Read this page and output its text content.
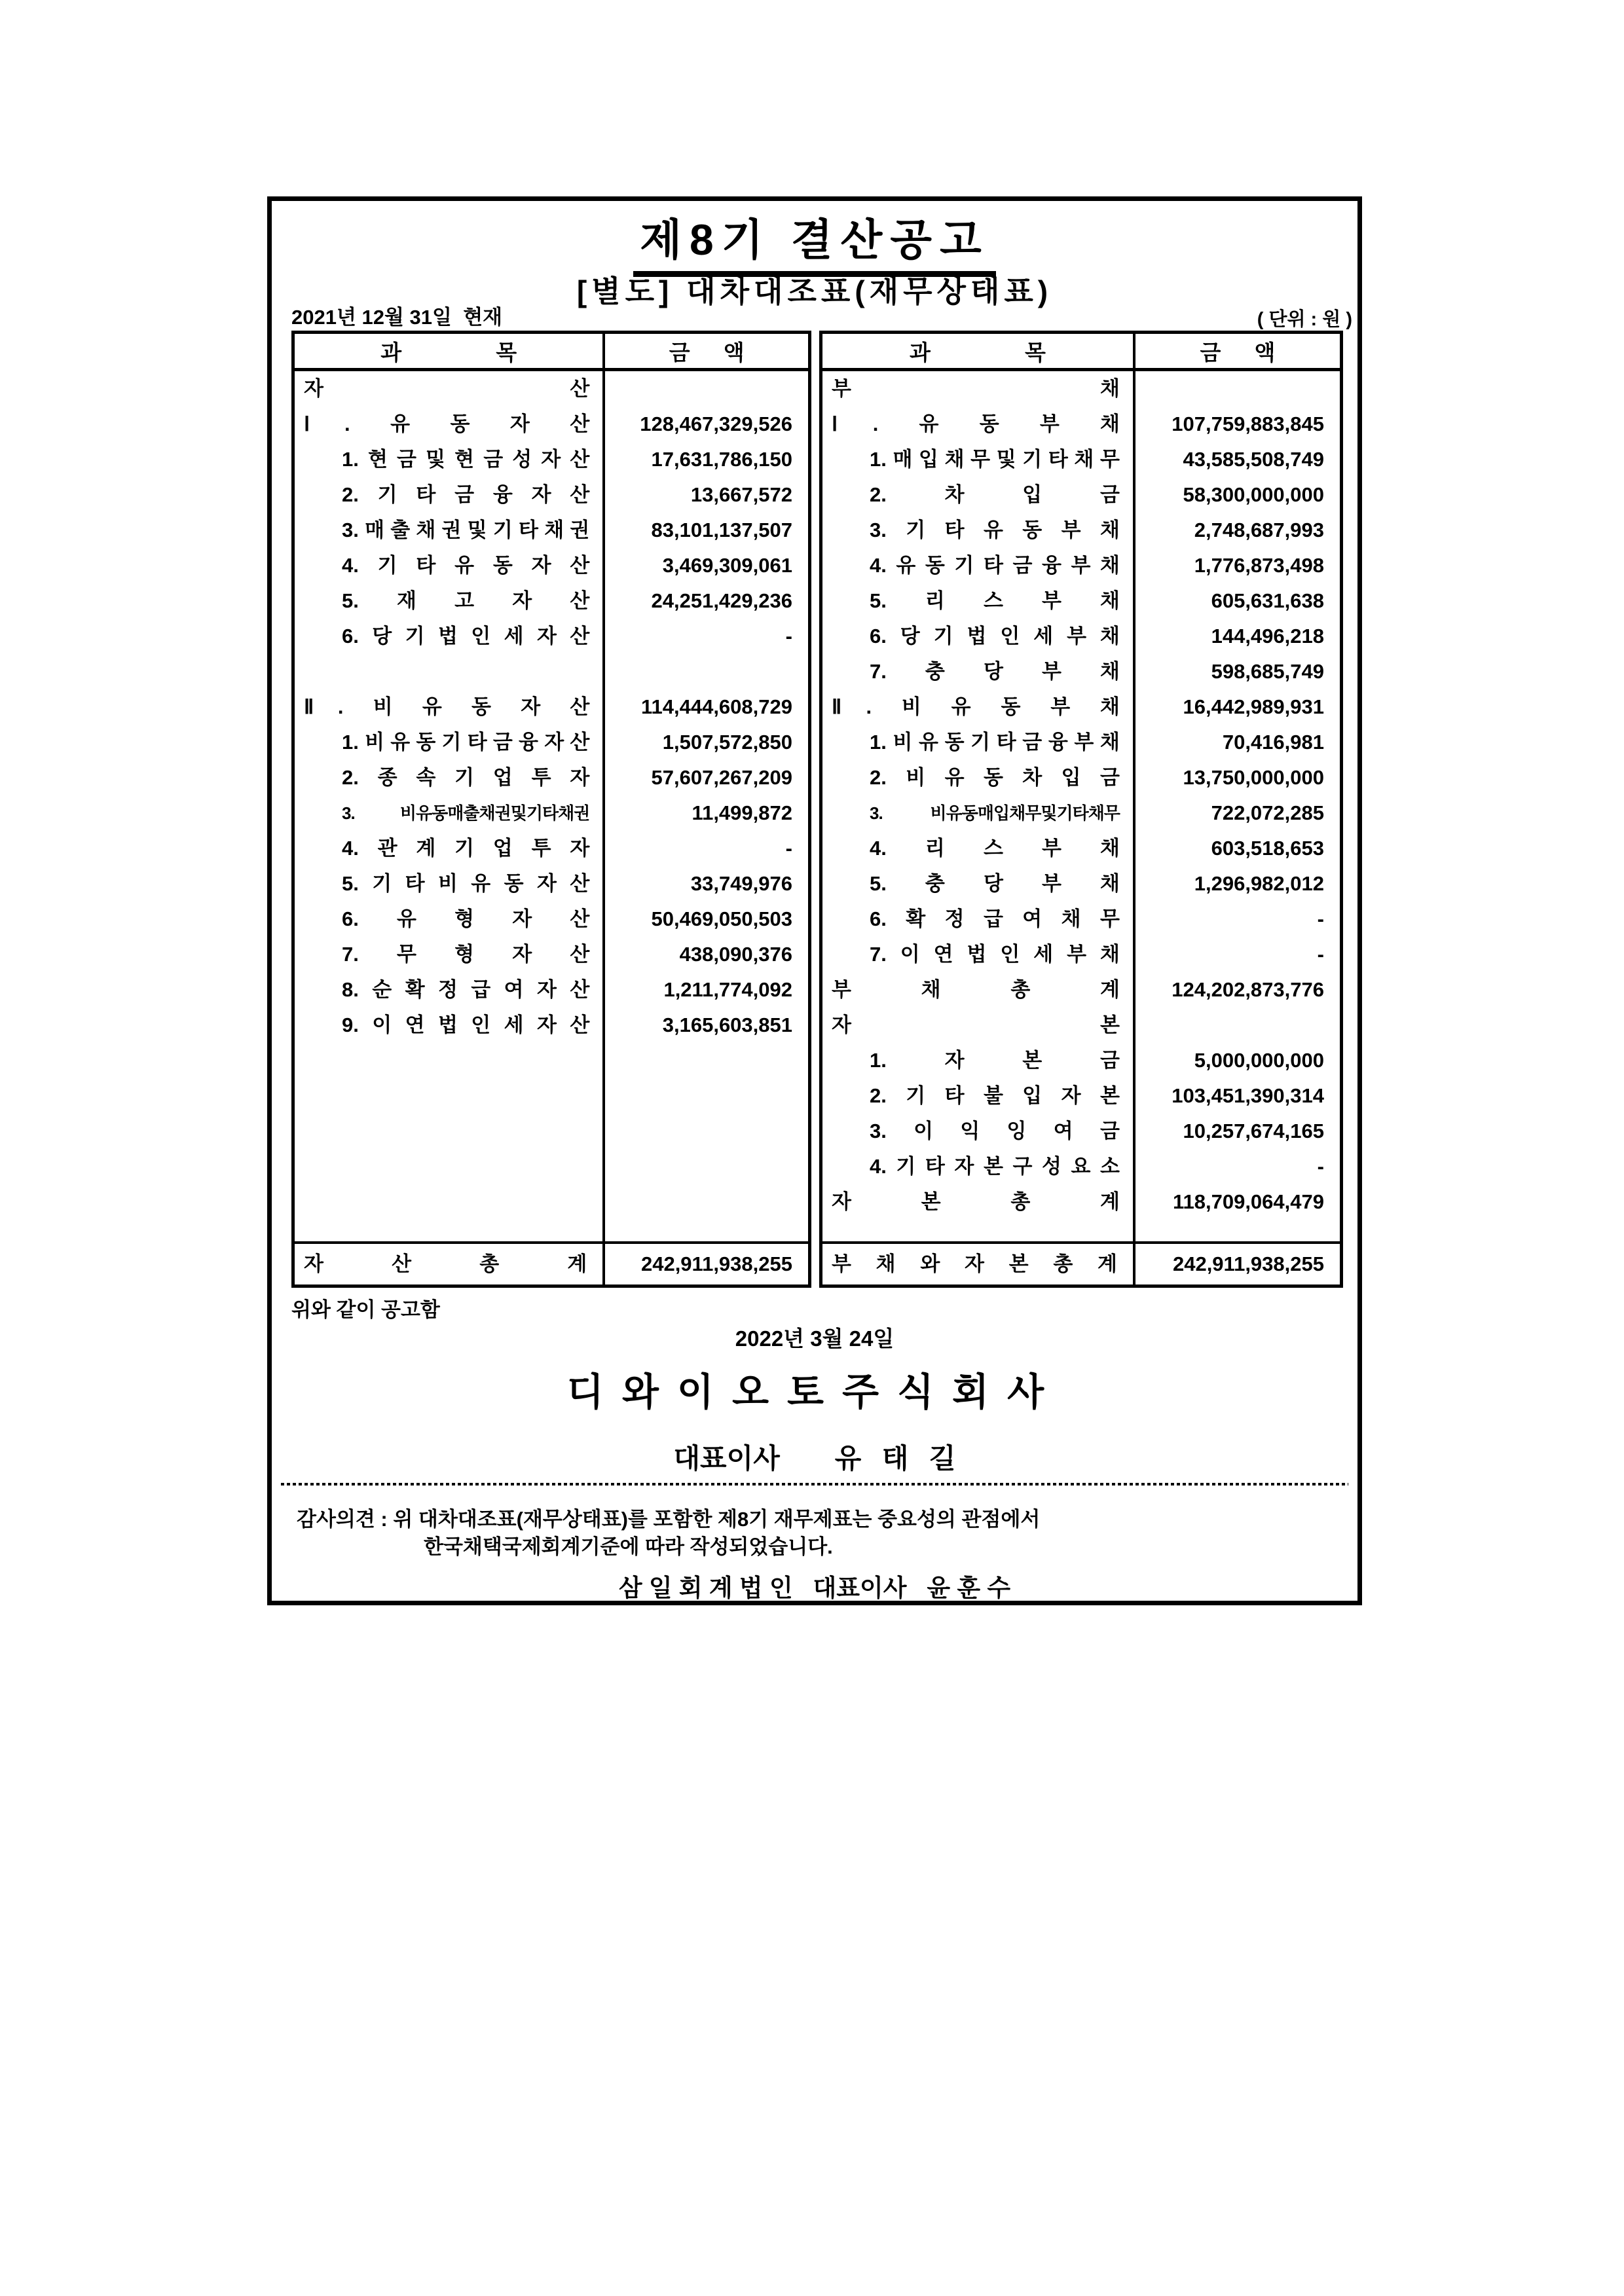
제8기 결산공고
[별도] 대차대조표(재무상태표)
2021년 12월 31일  현재	( 단위 : 원 )
과 목	금 액
자 산
Ⅰ. 유 동 자 산	128,467,329,526
1. 현 금 및 현 금 성 자 산	17,631,786,150
2. 기 타 금 융 자 산	13,667,572
3. 매 출 채 권 및 기 타 채 권	83,101,137,507
4. 기 타 유 동 자 산	3,469,309,061
5. 재 고 자 산	24,251,429,236
6. 당 기 법 인 세 자 산	-
Ⅱ. 비 유 동 자 산	114,444,608,729
1. 비 유 동 기 타 금 융 자 산	1,507,572,850
2. 종 속 기 업 투 자	57,607,267,209
3. 비유동매출채권및기타채권	11,499,872
4. 관 계 기 업 투 자	-
5. 기 타 비 유 동 자 산	33,749,976
6. 유 형 자 산	50,469,050,503
7. 무 형 자 산	438,090,376
8. 순 확 정 급 여 자 산	1,211,774,092
9. 이 연 법 인 세 자 산	3,165,603,851
자 산 총 계	242,911,938,255
과 목	금 액
부 채
Ⅰ. 유 동 부 채	107,759,883,845
1. 매 입 채 무 및 기 타 채 무	43,585,508,749
2. 차 입 금	58,300,000,000
3. 기 타 유 동 부 채	2,748,687,993
4. 유 동 기 타 금 융 부 채	1,776,873,498
5. 리 스 부 채	605,631,638
6. 당 기 법 인 세 부 채	144,496,218
7. 충 당 부 채	598,685,749
Ⅱ. 비 유 동 부 채	16,442,989,931
1. 비 유 동 기 타 금 융 부 채	70,416,981
2. 비 유 동 차 입 금	13,750,000,000
3. 비유동매입채무및기타채무	722,072,285
4. 리 스 부 채	603,518,653
5. 충 당 부 채	1,296,982,012
6. 확 정 급 여 채 무	-
7. 이 연 법 인 세 부 채	-
부 채 총 계	124,202,873,776
자 본
1. 자 본 금	5,000,000,000
2. 기 타 불 입 자 본	103,451,390,314
3. 이 익 잉 여 금	10,257,674,165
4. 기 타 자 본 구 성 요 소	-
자 본 총 계	118,709,064,479
부 채 와 자 본 총 계	242,911,938,255
위와 같이 공고함
2022년 3월 24일
디와이오토주식회사
대표이사        유   태   길
감사의견 : 위 대차대조표(재무상태표)를 포함한 제8기 재무제표는 중요성의 관점에서
한국채택국제회계기준에 따라 작성되었습니다.
삼 일 회 계 법 인   대표이사   윤 훈 수
